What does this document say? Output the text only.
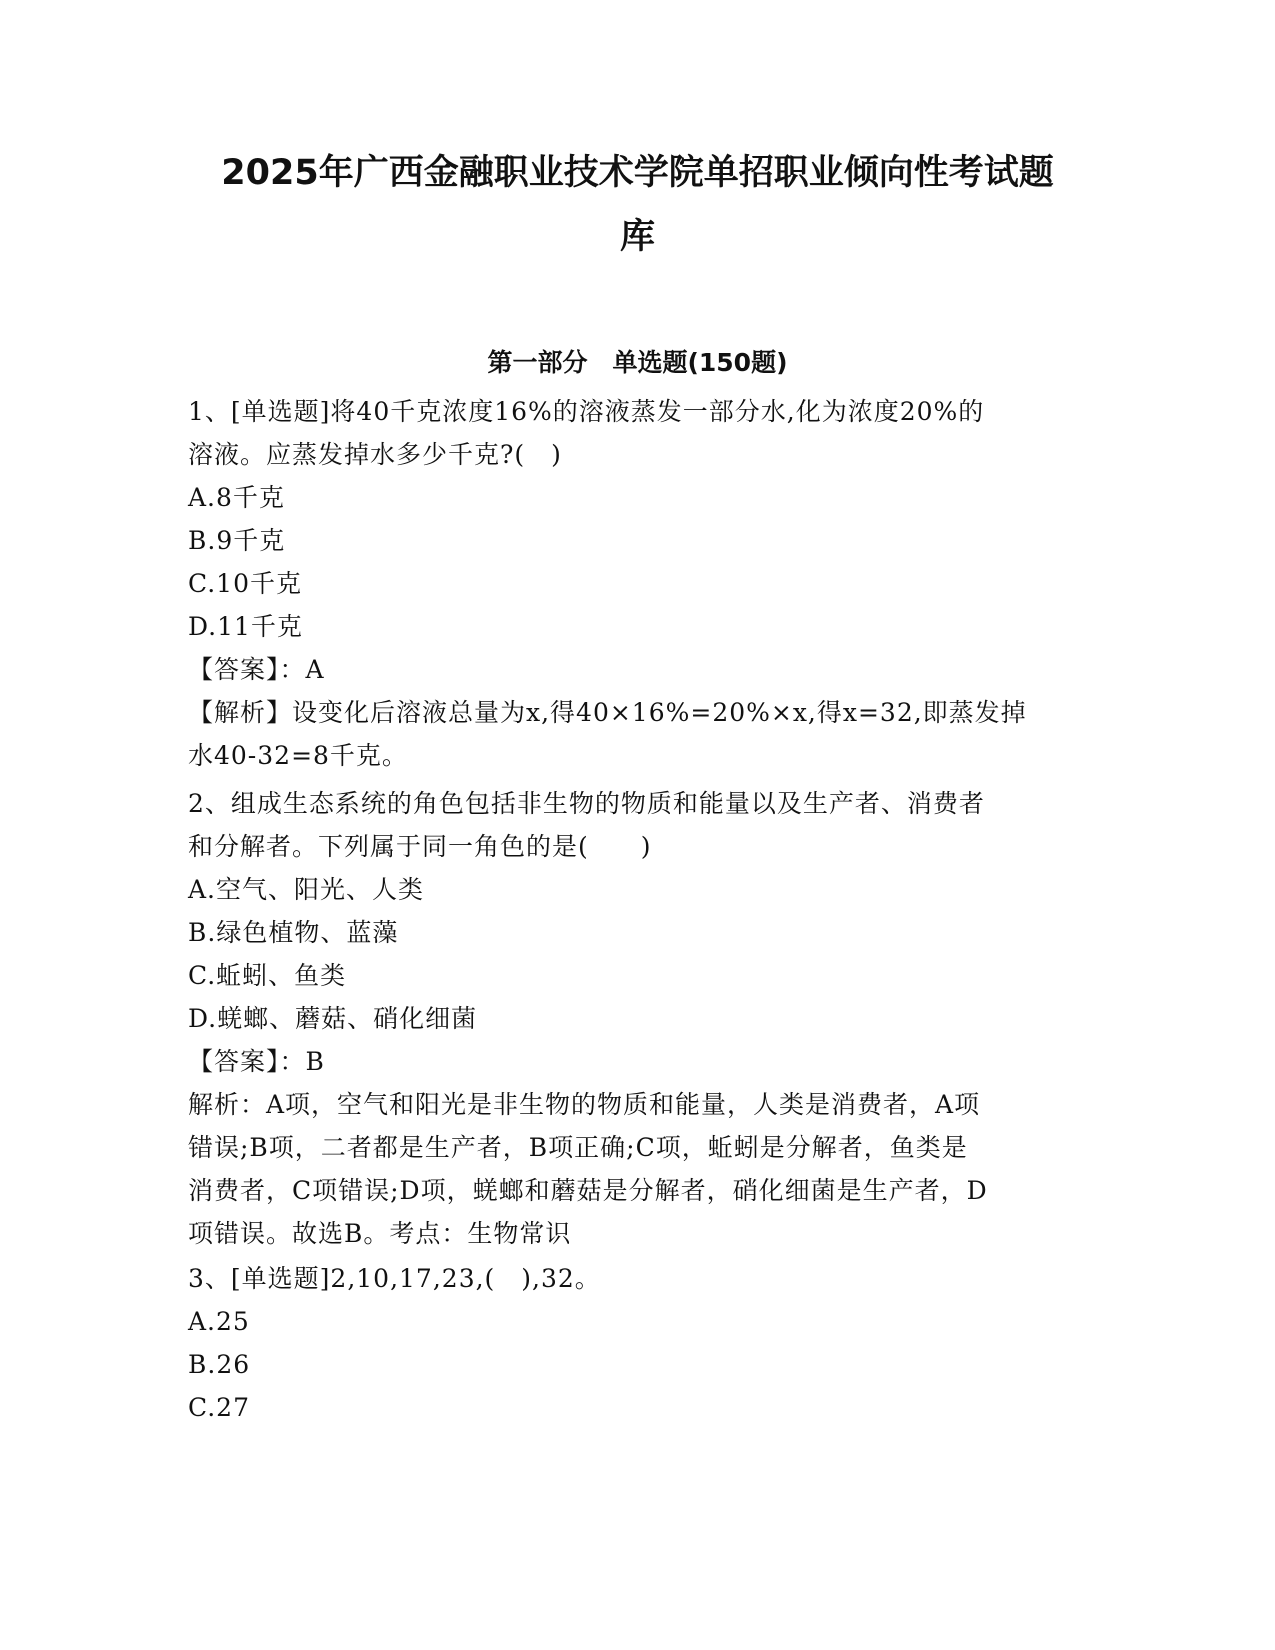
2025年广西金融职业技术学院单招职业倾向性考试题
库
第一部分　单选题(150题)
1、[单选题]将40千克浓度16%的溶液蒸发一部分水,化为浓度20%的
溶液。应蒸发掉水多少千克?(　)
A.8千克
B.9千克
C.10千克
D.11千克
【答案】：A
【解析】设变化后溶液总量为x,得40×16%=20%×x,得x=32,即蒸发掉
水40-32=8千克。
2、组成生态系统的角色包括非生物的物质和能量以及生产者、消费者
和分解者。下列属于同一角色的是(　　)
A.空气、阳光、人类
B.绿色植物、蓝藻
C.蚯蚓、鱼类
D.蜣螂、蘑菇、硝化细菌
【答案】：B
解析：A项，空气和阳光是非生物的物质和能量，人类是消费者，A项
错误;B项，二者都是生产者，B项正确;C项，蚯蚓是分解者，鱼类是
消费者，C项错误;D项，蜣螂和蘑菇是分解者，硝化细菌是生产者，D
项错误。故选B。考点：生物常识
3、[单选题]2,10,17,23,(　),32。
A.25
B.26
C.27
